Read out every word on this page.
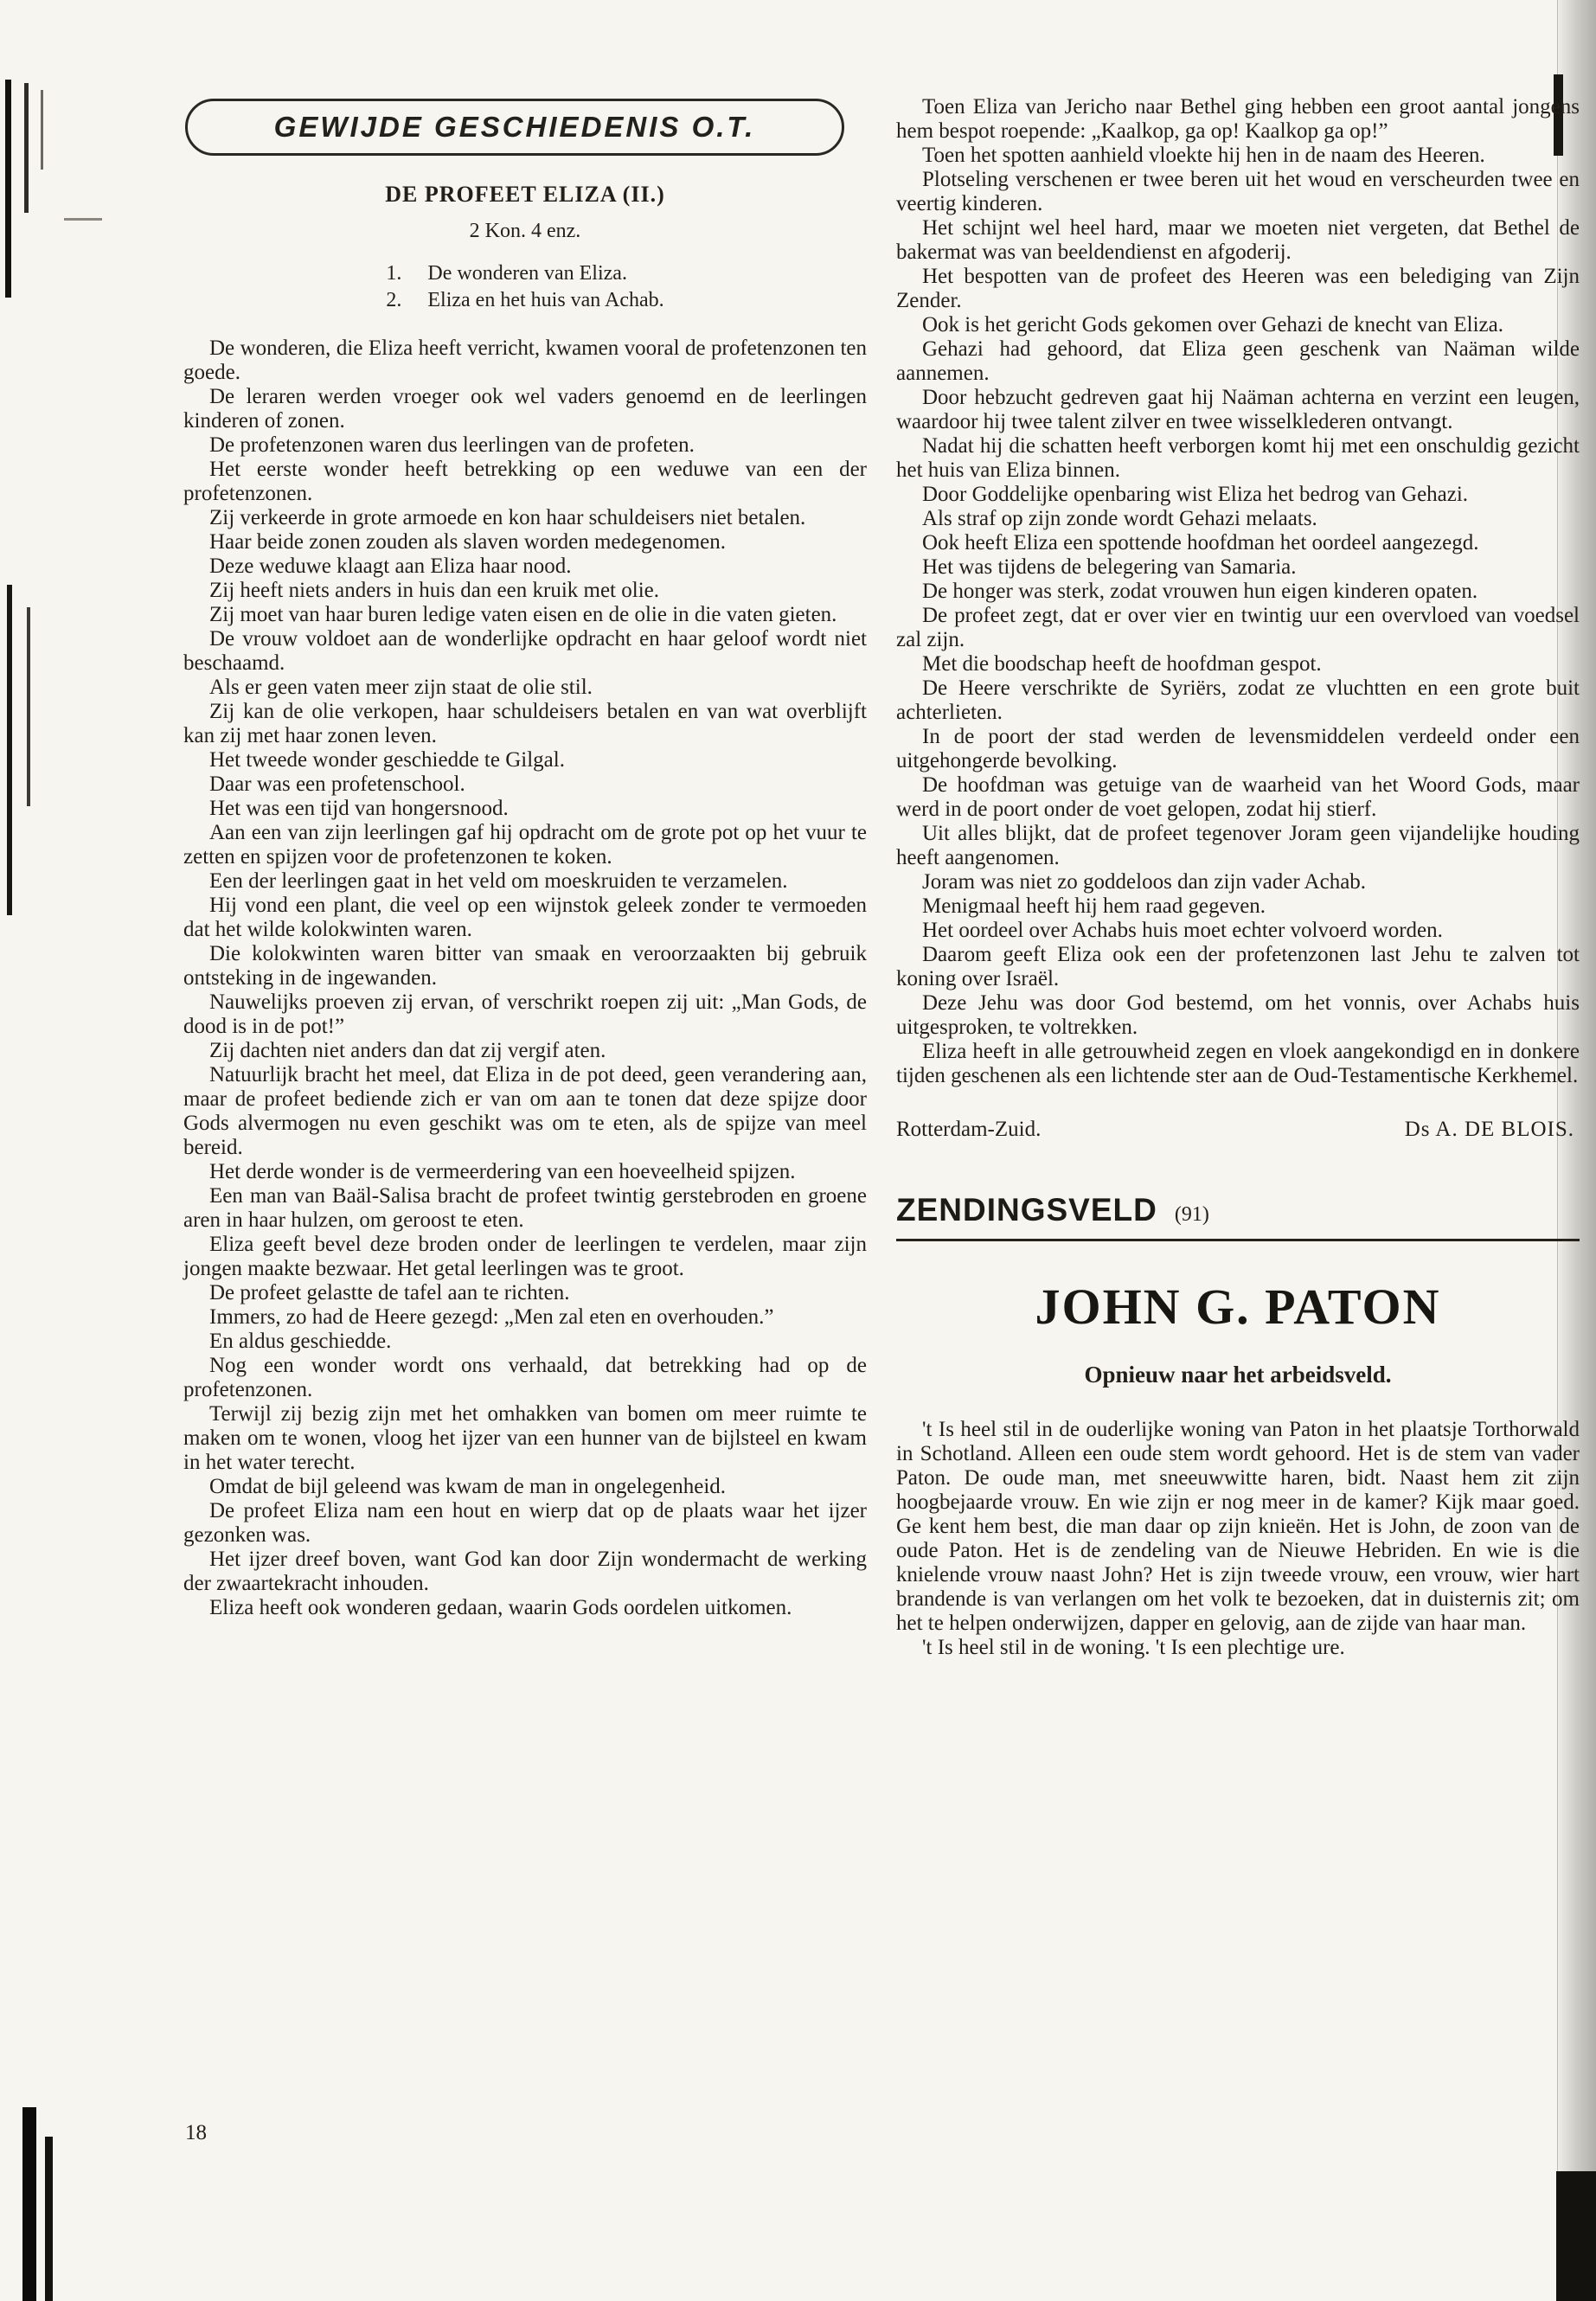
GEWIJDE GESCHIEDENIS O.T.
DE PROFEET ELIZA (II.)
2 Kon. 4 enz.
1.	De wonderen van Eliza.
2.	Eliza en het huis van Achab.

De wonderen, die Eliza heeft verricht, kwamen vooral de profetenzonen ten goede.

De leraren werden vroeger ook wel vaders genoemd en de leerlingen kinderen of zonen.

De profetenzonen waren dus leerlingen van de profeten.

Het eerste wonder heeft betrekking op een weduwe van een der profetenzonen.

Zij verkeerde in grote armoede en kon haar schuldeisers niet betalen.

Haar beide zonen zouden als slaven worden medegenomen.

Deze weduwe klaagt aan Eliza haar nood.

Zij heeft niets anders in huis dan een kruik met olie.

Zij moet van haar buren ledige vaten eisen en de olie in die vaten gieten.

De vrouw voldoet aan de wonderlijke opdracht en haar geloof wordt niet beschaamd.

Als er geen vaten meer zijn staat de olie stil.

Zij kan de olie verkopen, haar schuldeisers betalen en van wat overblijft kan zij met haar zonen leven.

Het tweede wonder geschiedde te Gilgal.

Daar was een profetenschool.

Het was een tijd van hongersnood.

Aan een van zijn leerlingen gaf hij opdracht om de grote pot op het vuur te zetten en spijzen voor de profetenzonen te koken.

Een der leerlingen gaat in het veld om moeskruiden te verzamelen.

Hij vond een plant, die veel op een wijnstok geleek zonder te vermoeden dat het wilde kolokwinten waren.

Die kolokwinten waren bitter van smaak en veroorzaakten bij gebruik ontsteking in de ingewanden.

Nauwelijks proeven zij ervan, of verschrikt roepen zij uit: „Man Gods, de dood is in de pot!”

Zij dachten niet anders dan dat zij vergif aten.

Natuurlijk bracht het meel, dat Eliza in de pot deed, geen verandering aan, maar de profeet bediende zich er van om aan te tonen dat deze spijze door Gods alvermogen nu even geschikt was om te eten, als de spijze van meel bereid.

Het derde wonder is de vermeerdering van een hoeveelheid spijzen.

Een man van Baäl-Salisa bracht de profeet twintig gerstebroden en groene aren in haar hulzen, om geroost te eten.

Eliza geeft bevel deze broden onder de leerlingen te verdelen, maar zijn jongen maakte bezwaar. Het getal leerlingen was te groot.

De profeet gelastte de tafel aan te richten.

Immers, zo had de Heere gezegd: „Men zal eten en overhouden.”

En aldus geschiedde.

Nog een wonder wordt ons verhaald, dat betrekking had op de profetenzonen.

Terwijl zij bezig zijn met het omhakken van bomen om meer ruimte te maken om te wonen, vloog het ijzer van een hunner van de bijlsteel en kwam in het water terecht.

Omdat de bijl geleend was kwam de man in ongelegenheid.

De profeet Eliza nam een hout en wierp dat op de plaats waar het ijzer gezonken was.

Het ijzer dreef boven, want God kan door Zijn wondermacht de werking der zwaartekracht inhouden.

Eliza heeft ook wonderen gedaan, waarin Gods oordelen uitkomen.

Toen Eliza van Jericho naar Bethel ging hebben een groot aantal jongens hem bespot roepende: „Kaalkop, ga op! Kaalkop ga op!”

Toen het spotten aanhield vloekte hij hen in de naam des Heeren.

Plotseling verschenen er twee beren uit het woud en verscheurden twee en veertig kinderen.

Het schijnt wel heel hard, maar we moeten niet vergeten, dat Bethel de bakermat was van beeldendienst en afgoderij.

Het bespotten van de profeet des Heeren was een belediging van Zijn Zender.

Ook is het gericht Gods gekomen over Gehazi de knecht van Eliza.

Gehazi had gehoord, dat Eliza geen geschenk van Naäman wilde aannemen.

Door hebzucht gedreven gaat hij Naäman achterna en verzint een leugen, waardoor hij twee talent zilver en twee wisselklederen ontvangt.

Nadat hij die schatten heeft verborgen komt hij met een onschuldig gezicht het huis van Eliza binnen.

Door Goddelijke openbaring wist Eliza het bedrog van Gehazi.

Als straf op zijn zonde wordt Gehazi melaats.

Ook heeft Eliza een spottende hoofdman het oordeel aangezegd.

Het was tijdens de belegering van Samaria.

De honger was sterk, zodat vrouwen hun eigen kinderen opaten.

De profeet zegt, dat er over vier en twintig uur een overvloed van voedsel zal zijn.

Met die boodschap heeft de hoofdman gespot.

De Heere verschrikte de Syriërs, zodat ze vluchtten en een grote buit achterlieten.

In de poort der stad werden de levensmiddelen verdeeld onder een uitgehongerde bevolking.

De hoofdman was getuige van de waarheid van het Woord Gods, maar werd in de poort onder de voet gelopen, zodat hij stierf.

Uit alles blijkt, dat de profeet tegenover Joram geen vijandelijke houding heeft aangenomen.

Joram was niet zo goddeloos dan zijn vader Achab.

Menigmaal heeft hij hem raad gegeven.

Het oordeel over Achabs huis moet echter volvoerd worden.

Daarom geeft Eliza ook een der profetenzonen last Jehu te zalven tot koning over Israël.

Deze Jehu was door God bestemd, om het vonnis, over Achabs huis uitgesproken, te voltrekken.

Eliza heeft in alle getrouwheid zegen en vloek aangekondigd en in donkere tijden geschenen als een lichtende ster aan de Oud-Testamentische Kerkhemel.

Rotterdam-Zuid.	Ds A. DE BLOIS.
ZENDINGSVELD (91)
JOHN G. PATON
Opnieuw naar het arbeidsveld.

't Is heel stil in de ouderlijke woning van Paton in het plaatsje Torthorwald in Schotland. Alleen een oude stem wordt gehoord. Het is de stem van vader Paton. De oude man, met sneeuwwitte haren, bidt. Naast hem zit zijn hoogbejaarde vrouw. En wie zijn er nog meer in de kamer? Kijk maar goed. Ge kent hem best, die man daar op zijn knieën. Het is John, de zoon van de oude Paton. Het is de zendeling van de Nieuwe Hebriden. En wie is die knielende vrouw naast John? Het is zijn tweede vrouw, een vrouw, wier hart brandende is van verlangen om het volk te bezoeken, dat in duisternis zit; om het te helpen onderwijzen, dapper en gelovig, aan de zijde van haar man.

't Is heel stil in de woning. 't Is een plechtige ure.

18
